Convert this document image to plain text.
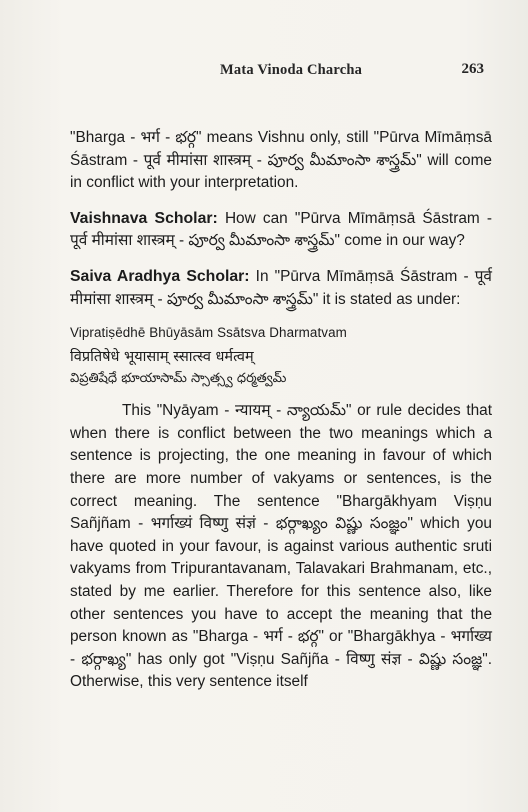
Mata Vinoda Charcha	263

"Bharga - भर्ग - భర్గ" means Vishnu only, still "Pūrva Mīmāṃsā Śāstram - पूर्व मीमांसा शास्त्रम् - పూర్వ మీమాంసా శాస్త్రమ్" will come in conflict with your interpretation.

Vaishnava Scholar: How can "Pūrva Mīmāṃsā Śāstram - पूर्व मीमांसा शास्त्रम् - పూర్వ మీమాంసా శాస్త్రమ్" come in our way?

Saiva Aradhya Scholar: In "Pūrva Mīmāṃsā Śāstram - पूर्व मीमांसा शास्त्रम् - పూర్వ మీమాంసా శాస్త్రమ్" it is stated as under:

Vipratiṣēdhē Bhūyāsām Ssātsva Dharmatvam
विप्रतिषेधे भूयासाम् स्सात्स्व धर्मत्वम्
విప్రతిషేధే భూయాసామ్ స్సాత్స్వ ధర్మత్వమ్

This "Nyāyam - न्यायम् - న్యాయమ్" or rule decides that when there is conflict between the two meanings which a sentence is projecting, the one meaning in favour of which there are more number of vakyams or sentences, is the correct meaning. The sentence "Bhargākhyam Viṣṇu Sañjñam - भर्गाख्यं विष्णु संज्ञं - భర్గాఖ్యం విష్ణు సంజ్ఞం" which you have quoted in your favour, is against various authentic sruti vakyams from Tripurantavanam, Talavakari Brahmanam, etc., stated by me earlier. Therefore for this sentence also, like other sentences you have to accept the meaning that the person known as "Bharga - भर्ग - భర్గ" or "Bhargākhya - भर्गाख्य - భర్గాఖ్య" has only got "Viṣṇu Sañjña - विष्णु संज्ञ - విష్ణు సంజ్ఞ". Otherwise, this very sentence itself
